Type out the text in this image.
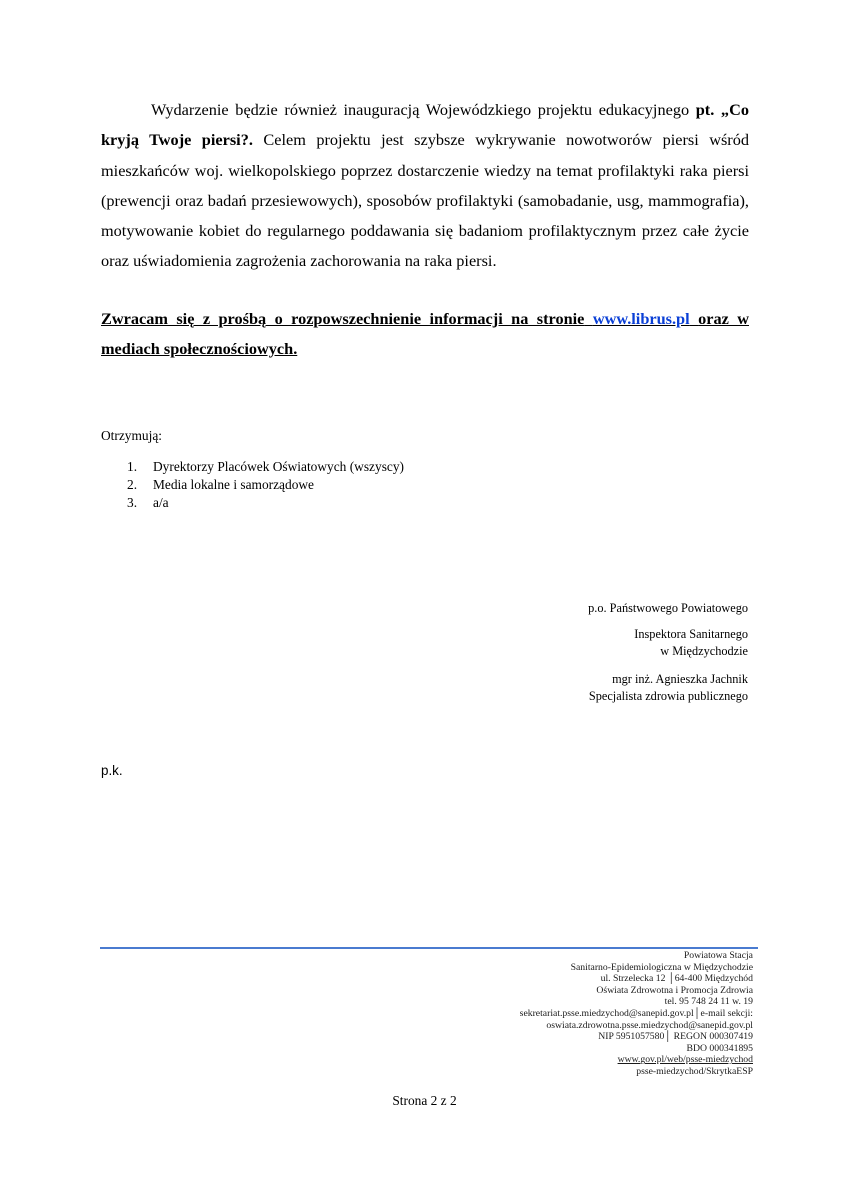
Wydarzenie będzie również inauguracją Wojewódzkiego projektu edukacyjnego pt. „Co kryją Twoje piersi?. Celem projektu jest szybsze wykrywanie nowotworów piersi wśród mieszkańców woj. wielkopolskiego poprzez dostarczenie wiedzy na temat profilaktyki raka piersi (prewencji oraz badań przesiewowych), sposobów profilaktyki (samobadanie, usg, mammografia), motywowanie kobiet do regularnego poddawania się badaniom profilaktycznym przez całe życie oraz uświadomienia zagrożenia zachorowania na raka piersi.

Zwracam się z prośbą o rozpowszechnienie informacji na stronie www.librus.pl oraz w mediach społecznościowych.
Otrzymują:
1.	Dyrektorzy Placówek Oświatowych (wszyscy)
2.	Media lokalne i samorządowe
3.	a/a
p.o. Państwowego Powiatowego
Inspektora Sanitarnego
w Międzychodzie
mgr inż. Agnieszka Jachnik
Specjalista zdrowia publicznego
p.k.
Powiatowa Stacja
Sanitarno-Epidemiologiczna w Międzychodzie
ul. Strzelecka 12 │64-400 Międzychód
Oświata Zdrowotna i Promocja Zdrowia
tel. 95 748 24 11 w. 19
sekretariat.psse.miedzychod@sanepid.gov.pl│e-mail sekcji:
oswiata.zdrowotna.psse.miedzychod@sanepid.gov.pl
NIP 5951057580│ REGON 000307419
BDO 000341895
www.gov.pl/web/psse-miedzychod
psse-miedzychod/SkrytkaESP
Strona 2 z 2
